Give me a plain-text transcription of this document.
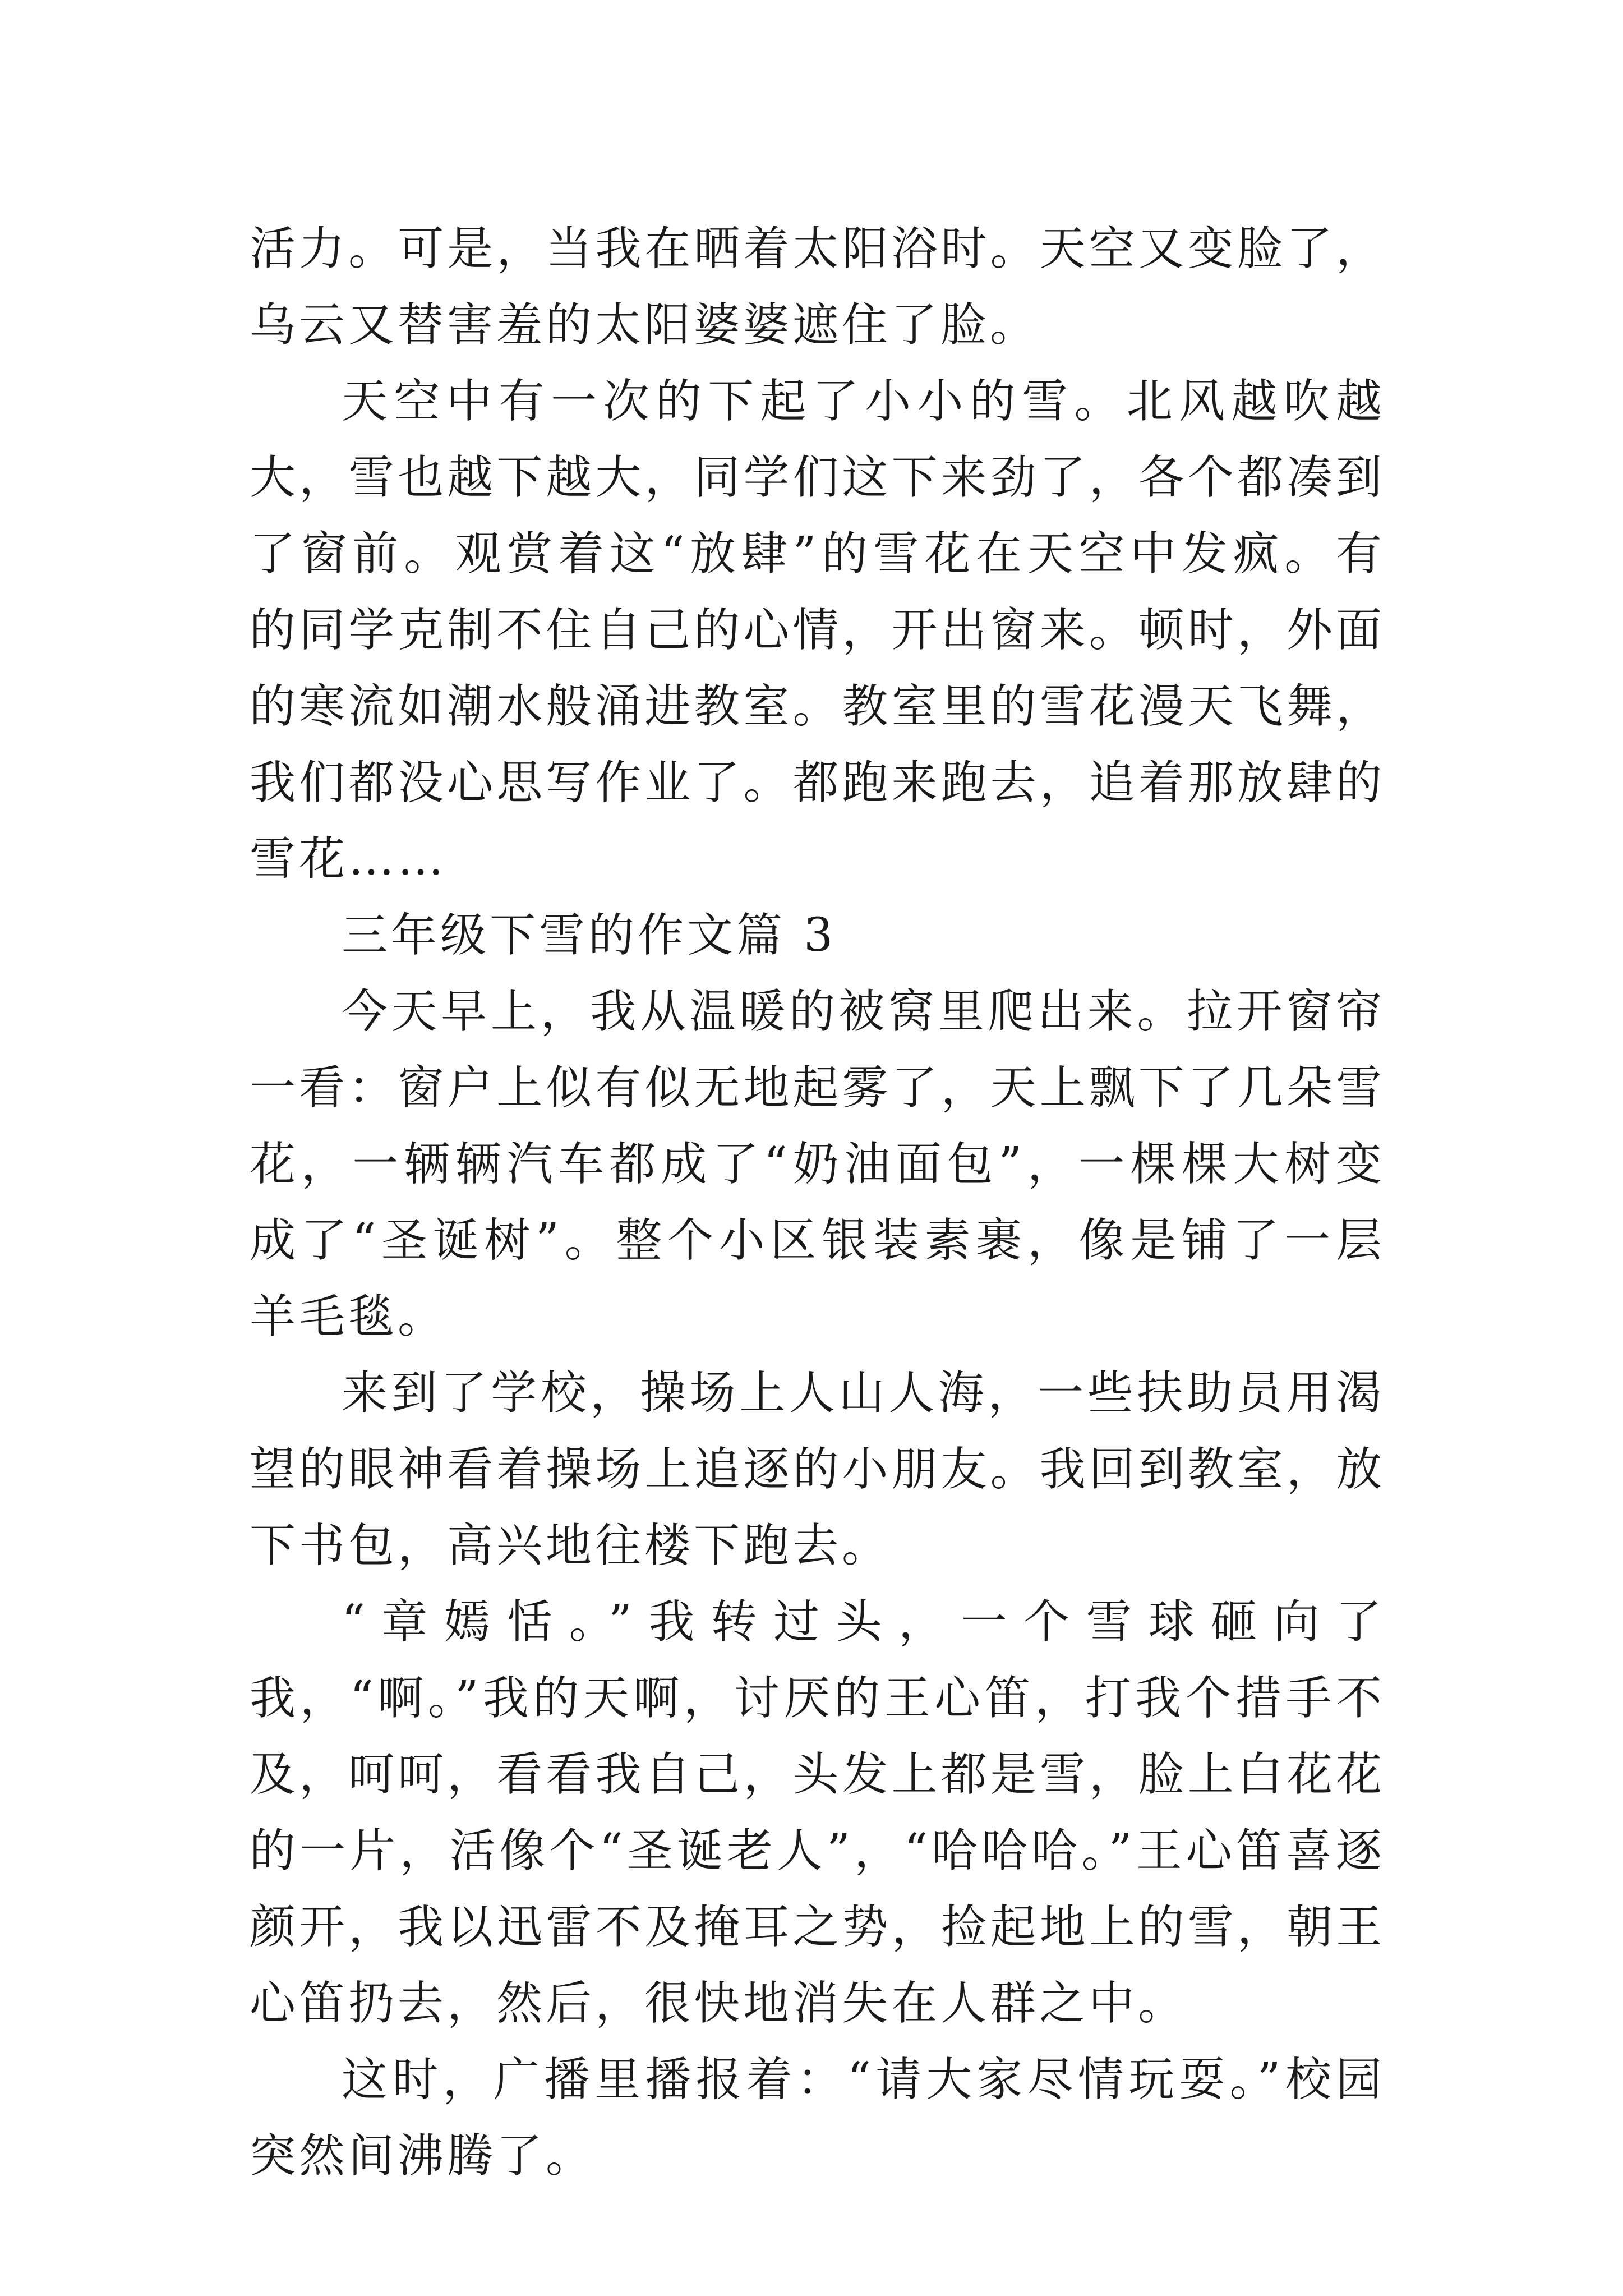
活力。可是，当我在晒着太阳浴时。天空又变脸了，乌云又替害羞的太阳婆婆遮住了脸。

天空中有一次的下起了小小的雪。北风越吹越大，雪也越下越大，同学们这下来劲了，各个都凑到了窗前。观赏着这“放肆”的雪花在天空中发疯。有的同学克制不住自己的心情，开出窗来。顿时，外面的寒流如潮水般涌进教室。教室里的雪花漫天飞舞，我们都没心思写作业了。都跑来跑去，追着那放肆的雪花……

三年级下雪的作文篇 3

今天早上，我从温暖的被窝里爬出来。拉开窗帘一看：窗户上似有似无地起雾了，天上飘下了几朵雪花，一辆辆汽车都成了“奶油面包”，一棵棵大树变成了“圣诞树”。整个小区银装素裹，像是铺了一层羊毛毯。

来到了学校，操场上人山人海，一些扶助员用渴望的眼神看着操场上追逐的小朋友。我回到教室，放下书包，高兴地往楼下跑去。

“章嫣恬。”我转过头，一个雪球砸向了我，“啊。”我的天啊，讨厌的王心笛，打我个措手不及，呵呵，看看我自己，头发上都是雪，脸上白花花的一片，活像个“圣诞老人”，“哈哈哈。”王心笛喜逐颜开，我以迅雷不及掩耳之势，捡起地上的雪，朝王心笛扔去，然后，很快地消失在人群之中。

这时，广播里播报着：“请大家尽情玩耍。”校园突然间沸腾了。
